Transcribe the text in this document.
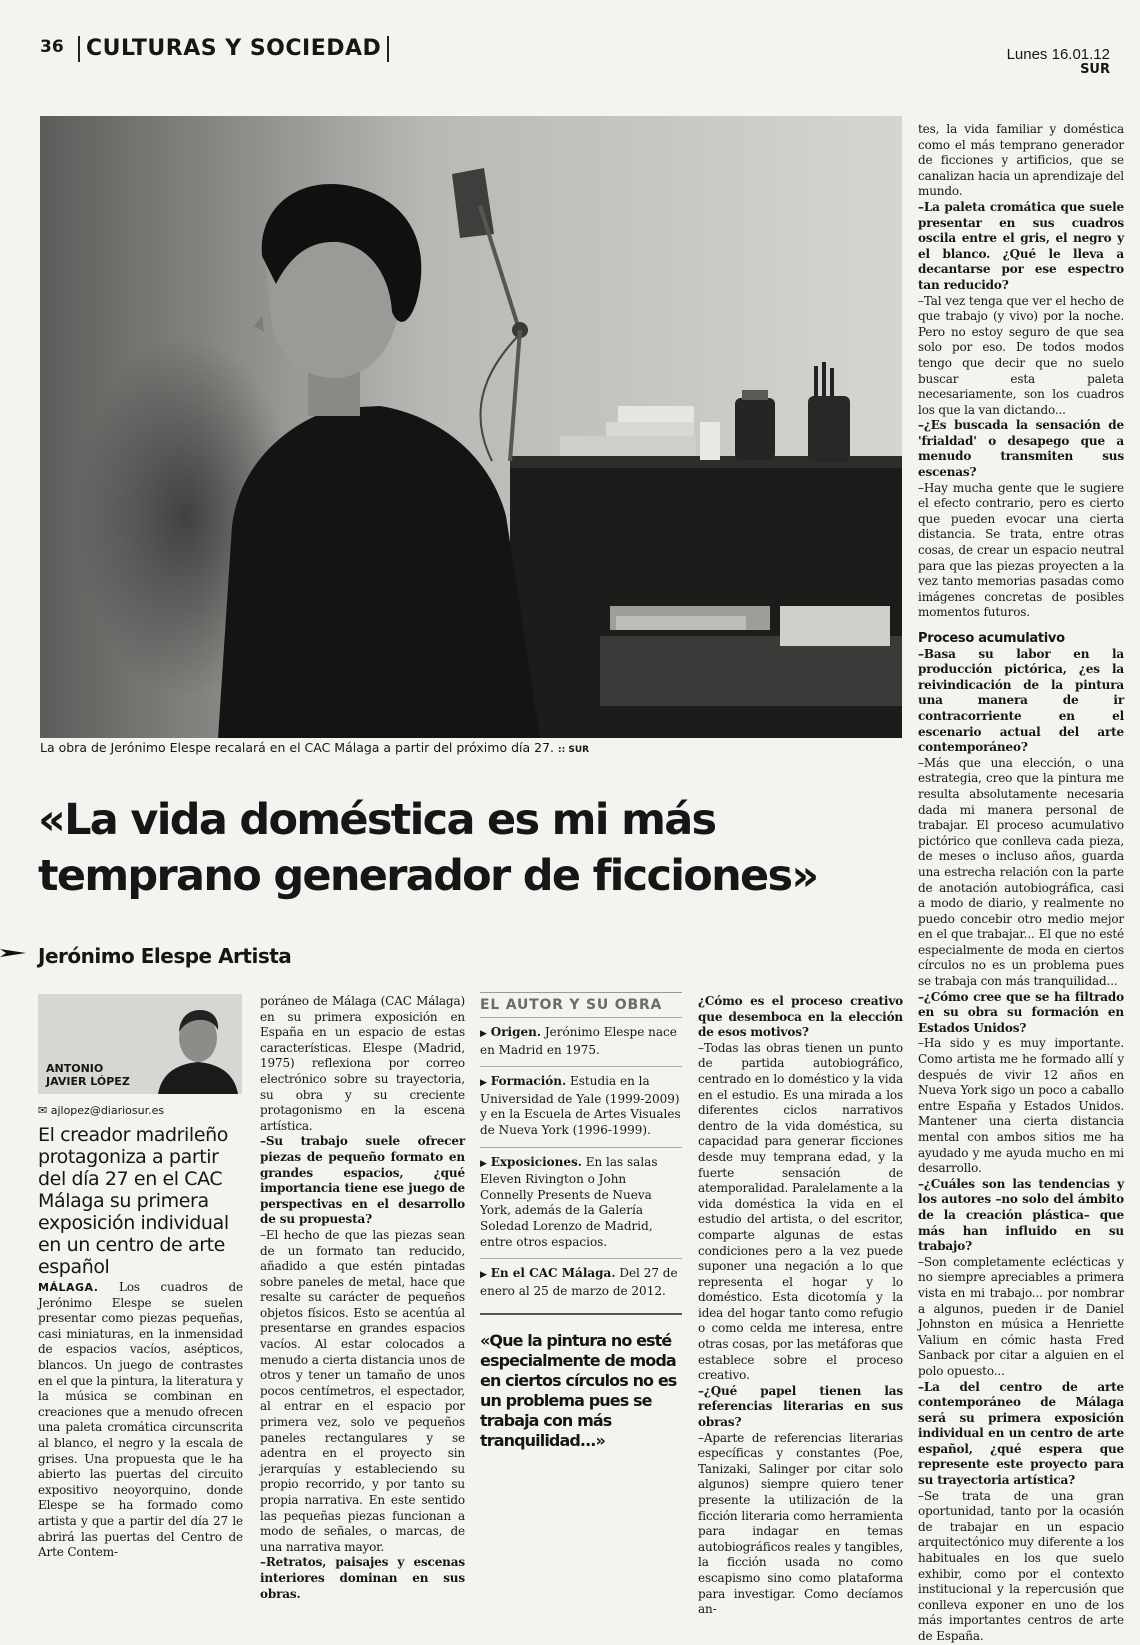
36	CULTURAS Y SOCIEDAD	Lunes 16.01.12
SUR
La obra de Jerónimo Elespe recalará en el CAC Málaga a partir del próximo día 27. :: SUR
«La vida doméstica es mi más
temprano generador de ficciones»
Jerónimo Elespe Artista
ANTONIO
JAVIER LÓPEZ
✉ ajlopez@diariosur.es
El creador madrileño protagoniza a partir del día 27 en el CAC Málaga su primera exposición individual en un centro de arte español

MÁLAGA. Los cuadros de Jerónimo Elespe se suelen presentar como piezas pequeñas, casi miniaturas, en la inmensidad de espacios vacíos, asépticos, blancos. Un juego de contrastes en el que la pintura, la literatura y la música se combinan en creaciones que a menudo ofrecen una paleta cromática circunscrita al blanco, el negro y la escala de grises. Una propuesta que le ha abierto las puertas del circuito expositivo neoyorquino, donde Elespe se ha formado como artista y que a partir del día 27 le abrirá las puertas del Centro de Arte Contem-

poráneo de Málaga (CAC Málaga) en su primera exposición en España en un espacio de estas características. Elespe (Madrid, 1975) reflexiona por correo electrónico sobre su trayectoria, su obra y su creciente protagonismo en la escena artística.

–Su trabajo suele ofrecer piezas de pequeño formato en grandes espacios, ¿qué importancia tiene ese juego de perspectivas en el desarrollo de su propuesta?

–El hecho de que las piezas sean de un formato tan reducido, añadido a que estén pintadas sobre paneles de metal, hace que resalte su carácter de pequeños objetos físicos. Esto se acentúa al presentarse en grandes espacios vacíos. Al estar colocados a menudo a cierta distancia unos de otros y tener un tamaño de unos pocos centímetros, el espectador, al entrar en el espacio por primera vez, solo ve pequeños paneles rectangulares y se adentra en el proyecto sin jerarquías y estableciendo su propio recorrido, y por tanto su propia narrativa. En este sentido las pequeñas piezas funcionan a modo de señales, o marcas, de una narrativa mayor.

–Retratos, paisajes y escenas interiores dominan en sus obras.

EL AUTOR Y SU OBRA
▶ Origen. Jerónimo Elespe nace en Madrid en 1975.
▶ Formación. Estudia en la Universidad de Yale (1999-2009) y en la Escuela de Artes Visuales de Nueva York (1996-1999).
▶ Exposiciones. En las salas Eleven Rivington o John Connelly Presents de Nueva York, además de la Galería Soledad Lorenzo de Madrid, entre otros espacios.
▶ En el CAC Málaga. Del 27 de enero al 25 de marzo de 2012.
«Que la pintura no esté especialmente de moda en ciertos círculos no es un problema pues se trabaja con más tranquilidad...»

¿Cómo es el proceso creativo que desemboca en la elección de esos motivos?

–Todas las obras tienen un punto de partida autobiográfico, centrado en lo doméstico y la vida en el estudio. Es una mirada a los diferentes ciclos narrativos dentro de la vida doméstica, su capacidad para generar ficciones desde muy temprana edad, y la fuerte sensación de atemporalidad. Paralelamente a la vida doméstica la vida en el estudio del artista, o del escritor, comparte algunas de estas condiciones pero a la vez puede suponer una negación a lo que representa el hogar y lo doméstico. Esta dicotomía y la idea del hogar tanto como refugio o como celda me interesa, entre otras cosas, por las metáforas que establece sobre el proceso creativo.

–¿Qué papel tienen las referencias literarias en sus obras?

–Aparte de referencias literarias específicas y constantes (Poe, Tanizaki, Salinger por citar solo algunos) siempre quiero tener presente la utilización de la ficción literaria como herramienta para indagar en temas autobiográficos reales y tangibles, la ficción usada no como escapismo sino como plataforma para investigar. Como decíamos an-

tes, la vida familiar y doméstica como el más temprano generador de ficciones y artificios, que se canalizan hacia un aprendizaje del mundo.

–La paleta cromática que suele presentar en sus cuadros oscila entre el gris, el negro y el blanco. ¿Qué le lleva a decantarse por ese espectro tan reducido?

–Tal vez tenga que ver el hecho de que trabajo (y vivo) por la noche. Pero no estoy seguro de que sea solo por eso. De todos modos tengo que decir que no suelo buscar esta paleta necesariamente, son los cuadros los que la van dictando...

–¿Es buscada la sensación de 'frialdad' o desapego que a menudo transmiten sus escenas?

–Hay mucha gente que le sugiere el efecto contrario, pero es cierto que pueden evocar una cierta distancia. Se trata, entre otras cosas, de crear un espacio neutral para que las piezas proyecten a la vez tanto memorias pasadas como imágenes concretas de posibles momentos futuros.

Proceso acumulativo

–Basa su labor en la producción pictórica, ¿es la reivindicación de la pintura una manera de ir contracorriente en el escenario actual del arte contemporáneo?

–Más que una elección, o una estrategia, creo que la pintura me resulta absolutamente necesaria dada mi manera personal de trabajar. El proceso acumulativo pictórico que conlleva cada pieza, de meses o incluso años, guarda una estrecha relación con la parte de anotación autobiográfica, casi a modo de diario, y realmente no puedo concebir otro medio mejor en el que trabajar... El que no esté especialmente de moda en ciertos círculos no es un problema pues se trabaja con más tranquilidad...

–¿Cómo cree que se ha filtrado en su obra su formación en Estados Unidos?

–Ha sido y es muy importante. Como artista me he formado allí y después de vivir 12 años en Nueva York sigo un poco a caballo entre España y Estados Unidos. Mantener una cierta distancia mental con ambos sitios me ha ayudado y me ayuda mucho en mi desarrollo.

–¿Cuáles son las tendencias y los autores –no solo del ámbito de la creación plástica– que más han influido en su trabajo?

–Son completamente eclécticas y no siempre apreciables a primera vista en mi trabajo... por nombrar a algunos, pueden ir de Daniel Johnston en música a Henriette Valium en cómic hasta Fred Sanback por citar a alguien en el polo opuesto...

–La del centro de arte contemporáneo de Málaga será su primera exposición individual en un centro de arte español, ¿qué espera que represente este proyecto para su trayectoria artística?

–Se trata de una gran oportunidad, tanto por la ocasión de trabajar en un espacio arquitectónico muy diferente a los habituales en los que suelo exhibir, como por el contexto institucional y la repercusión que conlleva exponer en uno de los más importantes centros de arte de España.
